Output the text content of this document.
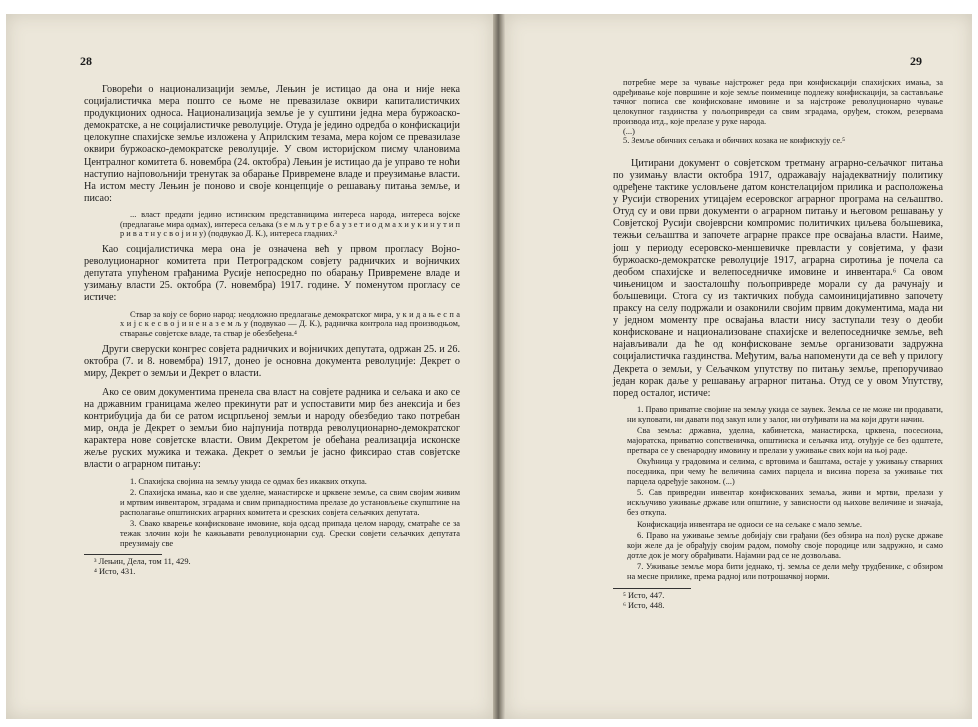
28

Говорећи о национализацији земље, Лењин је истицао да она и није нека социјалистичка мера пошто се њоме не превазилазе оквири капиталистичких продукционих односа. Национализација земље је у суштини једна мера буржоаско-демократске, а не социјалистичке револуције. Отуда је једино одредба о конфискацији целокупне спахијске земље изложена у Априлским тезама, мера којом се превазилазе оквири буржоаско-демократске револуције. У свом историјском писму члановима Централног комитета 6. новембра (24. октобра) Лењин је истицао да је управо те ноћи наступио најповољнији тренутак за обарање Привремене владе и преузимање власти. На истом месту Лењин је поново и своје концепције о решавању питања земље, и писао:

... власт предати једино истинским представницима интереса народа, интереса војске (предлагање мира одмах), интереса сељака (з е м љ у т р е б а у з е т и о д м а х и у к и н у т и п р и в а т н у с в о ј и н у) (подвукао Д. К.), интереса гладних.³

Као социјалистичка мера она је означена већ у првом прогласу Војно-револуционарног комитета при Петроградском совјету радничких и војничких депутата упућеном грађанима Русије непосредно по обарању Привремене владе и узимању власти 25. октобра (7. новембра) 1917. године. У поменутом прогласу се истиче:

Ствар за коју се борио народ: неодложно предлагање демократског мира, у к и д а њ е с п а х и ј с к е с в о ј и н е н а з е м љ у (подвукао — Д. К.), радничка контрола над производњом, стварање совјетске владе, та ствар је обезбеђена.⁴

Други сверуски конгрес совјета радничких и војничких депутата, одржан 25. и 26. октобра (7. и 8. новембра) 1917, донео је основна документа револуције: Декрет о миру, Декрет о земљи и Декрет о власти.

Ако се овим документима пренела сва власт на совјете радника и сељака и ако се на државним границама желео прекинути рат и успоставити мир без анексија и без контрибуција да би се ратом исцрпљеној земљи и народу обезбедио тако потребан мир, онда је Декрет о земљи био најпунија потврда револуционарно-демократског карактера нове совјетске власти. Овим Декретом је обећана реализација исконске жеље руских мужика и тежака. Декрет о земљи је јасно фиксирао став совјетске власти о аграрном питању:

1. Спахијска својина на земљу укида се одмах без икаквих откупа.

2. Спахијска имања, као и све уделне, манастирске и црквене земље, са свим својим живим и мртвим инвентаром, зградама и свим припадностима прелазе до установљење скупштине на располагање општинских аграрних комитета и срезских совјета сељачких депутата.

3. Свако кварење конфисковане имовине, која одсад припада целом народу, сматраће се за тежак злочин који ће кажњавати револуционарни суд. Срески совјети сељачких депутата преузимају све

³ Лењин, Дела, том 11, 429.

⁴ Исто, 431.

29

потребне мере за чување најстрожег реда при конфискацији спахијских имања, за одређивање које површине и које земље поименице подлежу конфискацији, за састављање тачног пописа све конфисковане имовине и за најстроже револуционарно чување целокупног газдинства у пољопривреди са свим зградама, оруђем, стоком, резервама производа итд., које прелазе у руке народа.

(...)

5. Земље обичних сељака и обичних козака не конфискују се.⁵

Цитирани документ о совјетском третману аграрно-сељачког питања по узимању власти октобра 1917, одражавају најадекватнију политику одређене тактике условљене датом констелацијом прилика и расположења у Русији створених утицајем есеровског аграрног програма на сељаштво. Отуд су и ови први документи о аграрном питању и његовом решавању у Совјетској Русији својеврсни компромис политичких циљева бољшевика, тежњи сељаштва и започете аграрне праксе пре освајања власти. Наиме, још у периоду есеровско-меншевичке превласти у совјетима, у фази буржоаско-демократске револуције 1917, аграрна сиротиња је почела са деобом спахијске и велепоседничке имовине и инвентара.⁶ Са овом чињеницом и заосталошћу пољопривреде морали су да рачунају и бољшевици. Стога су из тактичких побуда самоиницијативно започету праксу на селу подржали и озаконили својим првим документима, мада ни у једном моменту пре освајања власти нису заступали тезу о деоби конфисковане и национализоване спахијске и велепоседничке земље, већ најављивали да ће од конфисковане земље организовати задружна социјалистичка газдинства. Међутим, ваља напоменути да се већ у прилогу Декрета о земљи, у Сељачком упутству по питању земље, препоручивао један корак даље у решавању аграрног питања. Отуд се у овом Упутству, поред осталог, истиче:

1. Право приватне својине на земљу укида се заувек. Земља се не може ни продавати, ни куповати, ни давати под закуп или у залог, ни отуђивати на ма који други начин.

Сва земља: државна, уделна, кабинетска, манастирска, црквена, посесиона, мајоратска, приватно сопственичка, општинска и сељачка итд. отуђује се без одштете, претвара се у свенародну имовину и прелази у уживање свих који на њој раде.

Окућница у градовима и селима, с вртовима и баштама, остаје у уживању стварних поседника, при чему ће величина самих парцела и висина пореза за уживање тих парцела одређује законом. (...)

5. Сав привредни инвентар конфискованих земаља, живи и мртви, прелази у искључиво уживање државе или општине, у зависности од њихове величине и значаја, без откупа.

Конфискација инвентара не односи се на сељаке с мало земље.

6. Право на уживање земље добијају сви грађани (без обзира на пол) руске државе који желе да је обрађују својим радом, помоћу своје породице или задружно, и само дотле док је могу обрађивати. Најамни рад се не дозвољава.

7. Уживање земље мора бити једнако, тј. земља се дели међу трудбенике, с обзиром на месне прилике, према радној или потрошачкој норми.

⁵ Исто, 447.

⁶ Исто, 448.
